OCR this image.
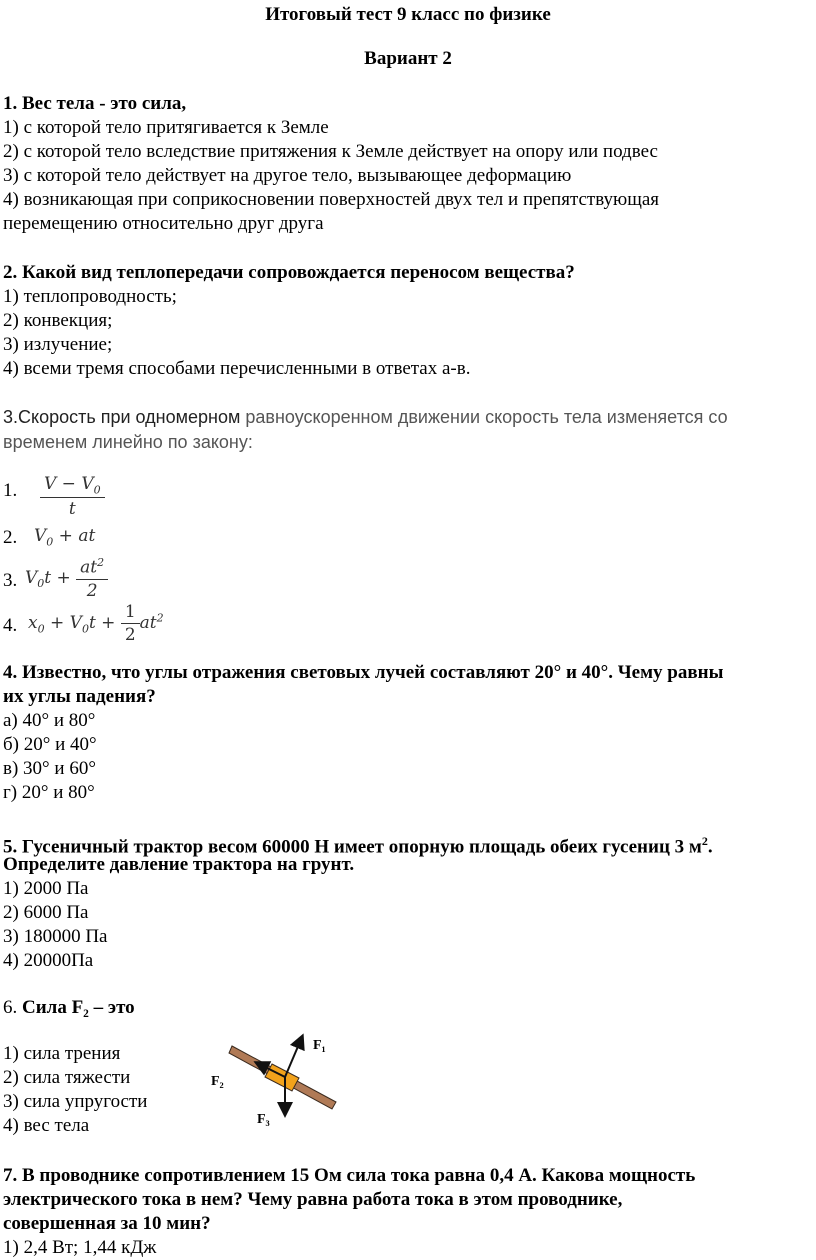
Итоговый тест 9 класс по физике
Вариант 2
1. Вес тела - это сила,
1) с которой тело притягивается к Земле
2) с которой тело вследствие притяжения к Земле действует на опору или подвес
3) с которой тело действует на другое тело, вызывающее деформацию
4) возникающая при соприкосновении поверхностей двух тел и препятствующая
перемещению относительно друг друга
2. Какой вид теплопередачи сопровождается переносом вещества?
1) теплопроводность;
2) конвекция;
3) излучение;
4) всеми тремя способами перечисленными в ответах а-в.
3.Скорость при одномерном равноускоренном движении скорость тела изменяется со
временем линейно по закону:
1. $\frac{V - V_0}{t}$
2. $V_0$ + at
3. $V_0t + \frac{at^2}{2}$
4. $x_0 + V_0t + \frac{1}{2} at^2$
4. Известно, что углы отражения световых лучей составляют 20° и 40°. Чему равны
их углы падения?
а) 40° и 80°
б) 20° и 40°
в) 30° и 60°
г) 20° и 80°
5. Гусеничный трактор весом 60000 Н имеет опорную площадь обеих гусениц 3 $м^2$.
Определите давление трактора на грунт.
1) 2000 Па
2) 6000 Па
3) 180000 Па
4) 20000Па
6. Сила F₂ – это
1) сила трения
2) сила тяжести
3) сила упругости
4) вес тела
F₁
F₂
F₃
7. В проводнике сопротивлением 15 Ом сила тока равна 0,4 А. Какова мощность
электрического тока в нем? Чему равна работа тока в этом проводнике,
совершенная за 10 мин?
1) 2,4 Вт; 1,44 кДж
